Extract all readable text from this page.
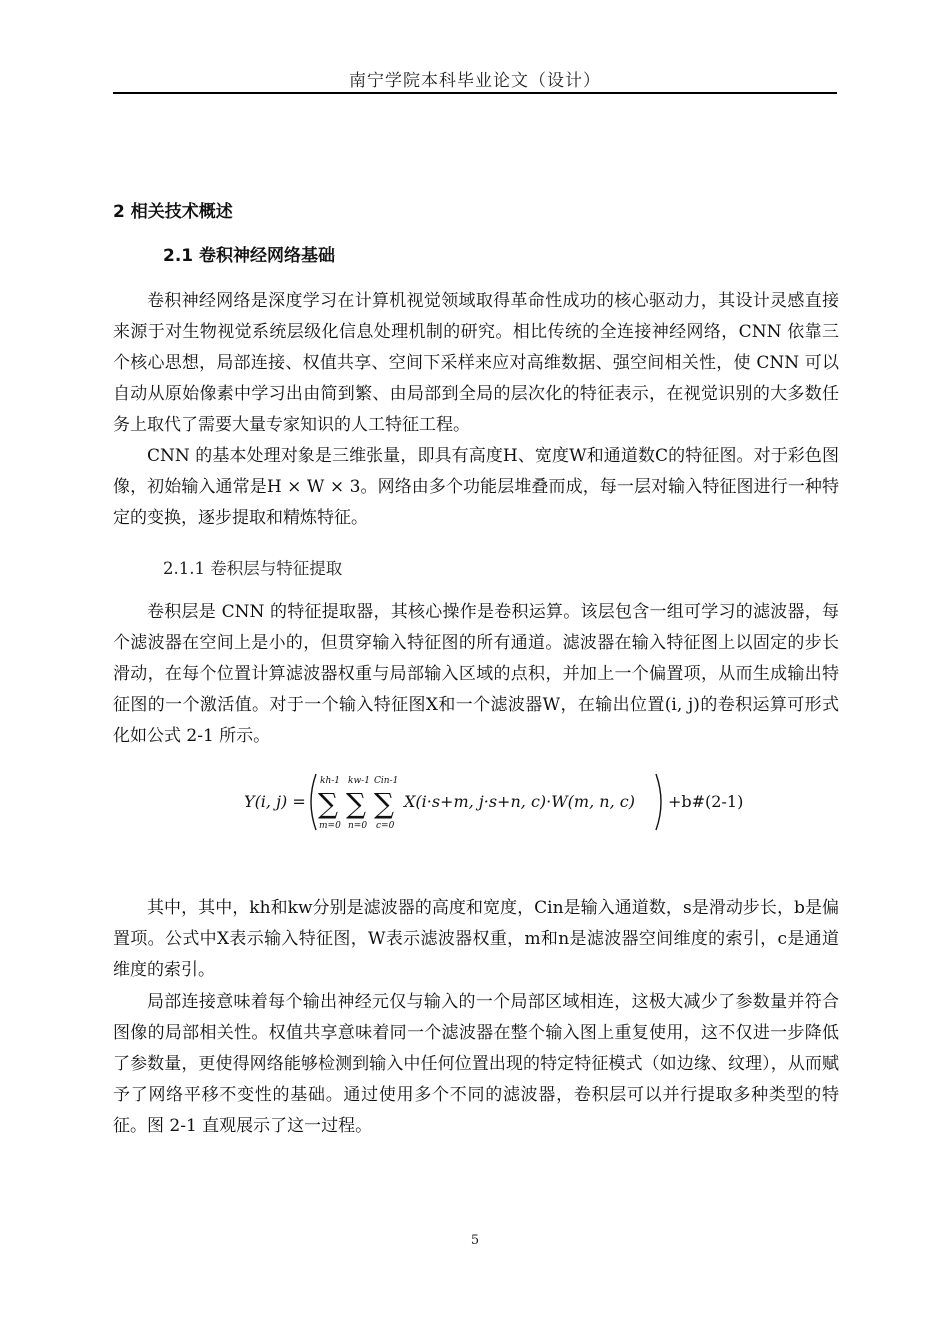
南宁学院本科毕业论文（设计）
2 相关技术概述
2.1 卷积神经网络基础

卷积神经网络是深度学习在计算机视觉领域取得革命性成功的核心驱动力，其设计灵感直接来源于对生物视觉系统层级化信息处理机制的研究。相比传统的全连接神经网络，CNN 依靠三个核心思想，局部连接、权值共享、空间下采样来应对高维数据、强空间相关性，使 CNN 可以自动从原始像素中学习出由简到繁、由局部到全局的层次化的特征表示，在视觉识别的大多数任务上取代了需要大量专家知识的人工特征工程。

CNN 的基本处理对象是三维张量，即具有高度H、宽度W和通道数C的特征图。对于彩色图像，初始输入通常是H × W × 3。网络由多个功能层堆叠而成，每一层对输入特征图进行一种特定的变换，逐步提取和精炼特征。

2.1.1 卷积层与特征提取

卷积层是 CNN 的特征提取器，其核心操作是卷积运算。该层包含一组可学习的滤波器，每个滤波器在空间上是小的，但贯穿输入特征图的所有通道。滤波器在输入特征图上以固定的步长滑动，在每个位置计算滤波器权重与局部输入区域的点积，并加上一个偏置项，从而生成输出特征图的一个激活值。对于一个输入特征图X和一个滤波器W，在输出位置(i, j)的卷积运算可形式化如公式 2-1 所示。

Y(i, j) =
kh-1
∑
m=0
kw-1
∑
n=0
Cin-1
∑
c=0
X(i·s+m, j·s+n, c)·W(m, n, c) +b#(2-1)

其中，其中，kh和kw分别是滤波器的高度和宽度，Cin是输入通道数，s是滑动步长，b是偏置项。公式中X表示输入特征图，W表示滤波器权重，m和n是滤波器空间维度的索引，c是通道维度的索引。

局部连接意味着每个输出神经元仅与输入的一个局部区域相连，这极大减少了参数量并符合图像的局部相关性。权值共享意味着同一个滤波器在整个输入图上重复使用，这不仅进一步降低了参数量，更使得网络能够检测到输入中任何位置出现的特定特征模式（如边缘、纹理），从而赋予了网络平移不变性的基础。通过使用多个不同的滤波器，卷积层可以并行提取多种类型的特征。图 2-1 直观展示了这一过程。

5
